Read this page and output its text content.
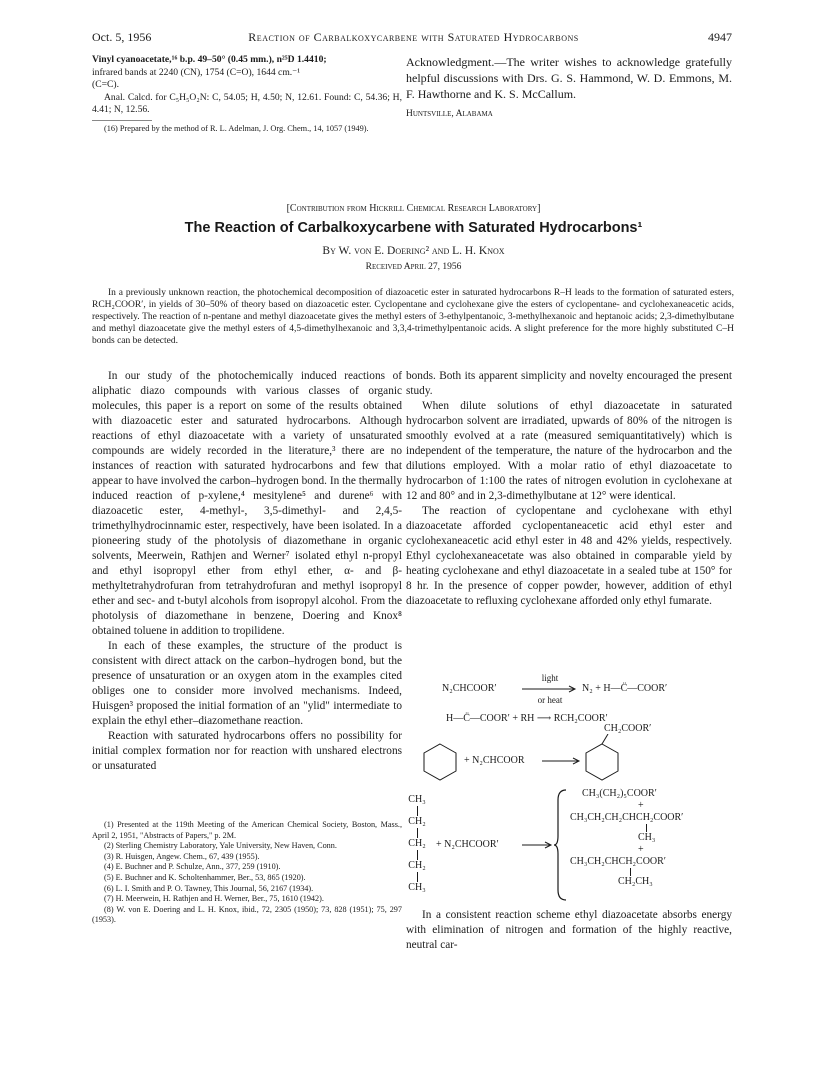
Oct. 5, 1956	Reaction of Carbalkoxycarbene with Saturated Hydrocarbons	4947
Vinyl cyanoacetate,¹⁶ b.p. 49–50° (0.45 mm.), n²⁵D 1.4410;
infrared bands at 2240 (CN), 1754 (C=O), 1644 cm.⁻¹
(C=C).
Anal. Calcd. for C₅H₅O₂N: C, 54.05; H, 4.50; N, 12.61. Found: C, 54.36; H, 4.41; N, 12.56.
(16) Prepared by the method of R. L. Adelman, J. Org. Chem., 14, 1057 (1949).
Acknowledgment.—The writer wishes to acknowledge gratefully helpful discussions with Drs. G. S. Hammond, W. D. Emmons, M. F. Hawthorne and K. S. McCallum.
Huntsville, Alabama
[Contribution from Hickrill Chemical Research Laboratory]
The Reaction of Carbalkoxycarbene with Saturated Hydrocarbons¹
By W. von E. Doering² and L. H. Knox
Received April 27, 1956
In a previously unknown reaction, the photochemical decomposition of diazoacetic ester in saturated hydrocarbons R–H leads to the formation of saturated esters, RCH₂COOR′, in yields of 30–50% of theory based on diazoacetic ester. Cyclopentane and cyclohexane give the esters of cyclopentane- and cyclohexaneacetic acids, respectively. The reaction of n-pentane and methyl diazoacetate gives the methyl esters of 3-ethylpentanoic, 3-methylhexanoic and heptanoic acids; 2,3-dimethylbutane and methyl diazoacetate give the methyl esters of 4,5-dimethylhexanoic and 3,3,4-trimethylpentanoic acids. A slight preference for the more highly substituted C–H bonds can be detected.

In our study of the photochemically induced reactions of aliphatic diazo compounds with various classes of organic molecules, this paper is a report on some of the results obtained with diazoacetic ester and saturated hydrocarbons. Although reactions of ethyl diazoacetate with a variety of unsaturated compounds are widely recorded in the literature,³ there are no instances of reaction with saturated hydrocarbons and few that appear to have involved the carbon–hydrogen bond. In the thermally induced reaction of p-xylene,⁴ mesitylene⁵ and durene⁶ with diazoacetic ester, 4-methyl-, 3,5-dimethyl- and 2,4,5-trimethylhydrocinnamic ester, respectively, have been isolated. In a pioneering study of the photolysis of diazomethane in organic solvents, Meerwein, Rathjen and Werner⁷ isolated ethyl n-propyl and ethyl isopropyl ether from ethyl ether, α- and β-methyltetrahydrofuran from tetrahydrofuran and methyl isopropyl ether and sec- and t-butyl alcohols from isopropyl alcohol. From the photolysis of diazomethane in benzene, Doering and Knox⁸ obtained toluene in addition to tropilidene.

In each of these examples, the structure of the product is consistent with direct attack on the carbon–hydrogen bond, but the presence of unsaturation or an oxygen atom in the examples cited obliges one to consider more involved mechanisms. Indeed, Huisgen³ proposed the initial formation of an "ylid" intermediate to explain the ethyl ether–diazomethane reaction.

Reaction with saturated hydrocarbons offers no possibility for initial complex formation nor for reaction with unshared electrons or unsaturated

(1) Presented at the 119th Meeting of the American Chemical Society, Boston, Mass., April 2, 1951, "Abstracts of Papers," p. 2M.

(2) Sterling Chemistry Laboratory, Yale University, New Haven, Conn.

(3) R. Huisgen, Angew. Chem., 67, 439 (1955).

(4) E. Buchner and P. Schulze, Ann., 377, 259 (1910).

(5) E. Buchner and K. Scholtenhammer, Ber., 53, 865 (1920).

(6) L. I. Smith and P. O. Tawney, This Journal, 56, 2167 (1934).

(7) H. Meerwein, H. Rathjen and H. Werner, Ber., 75, 1610 (1942).

(8) W. von E. Doering and L. H. Knox, ibid., 72, 2305 (1950); 73, 828 (1951); 75, 297 (1953).

bonds. Both its apparent simplicity and novelty encouraged the present study.

When dilute solutions of ethyl diazoacetate in saturated hydrocarbon solvent are irradiated, upwards of 80% of the nitrogen is smoothly evolved at a rate (measured semiquantitatively) which is independent of the temperature, the nature of the hydrocarbon and the dilutions employed. With a molar ratio of ethyl diazoacetate to hydrocarbon of 1:100 the rates of nitrogen evolution in cyclohexane at 12 and 80° and in 2,3-dimethylbutane at 12° were identical.

The reaction of cyclopentane and cyclohexane with ethyl diazoacetate afforded cyclopentaneacetic acid ethyl ester and cyclohexaneacetic acid ethyl ester in 48 and 42% yields, respectively. Ethyl cyclohexaneacetate was also obtained in comparable yield by heating cyclohexane and ethyl diazoacetate in a sealed tube at 150° for 8 hr. In the presence of copper powder, however, addition of ethyl diazoacetate to refluxing cyclohexane afforded only ethyl fumarate.

N₂CHCOOR′
light
or heat
N₂ + H—C̈—COOR′
H—C̈—COOR′ + RH ⟶ RCH₂COOR′
+ N₂CHCOOR
CH₂COOR′
CH₃
CH₂
CH₂
CH₂
CH₃
+ N₂CHCOOR′
CH₃(CH₂)₅COOR′
+
CH₃CH₂CH₂CHCH₂COOR′
CH₃
+
CH₃CH₂CHCH₂COOR′
CH₂CH₃

In a consistent reaction scheme ethyl diazoacetate absorbs energy with elimination of nitrogen and formation of the highly reactive, neutral car-
